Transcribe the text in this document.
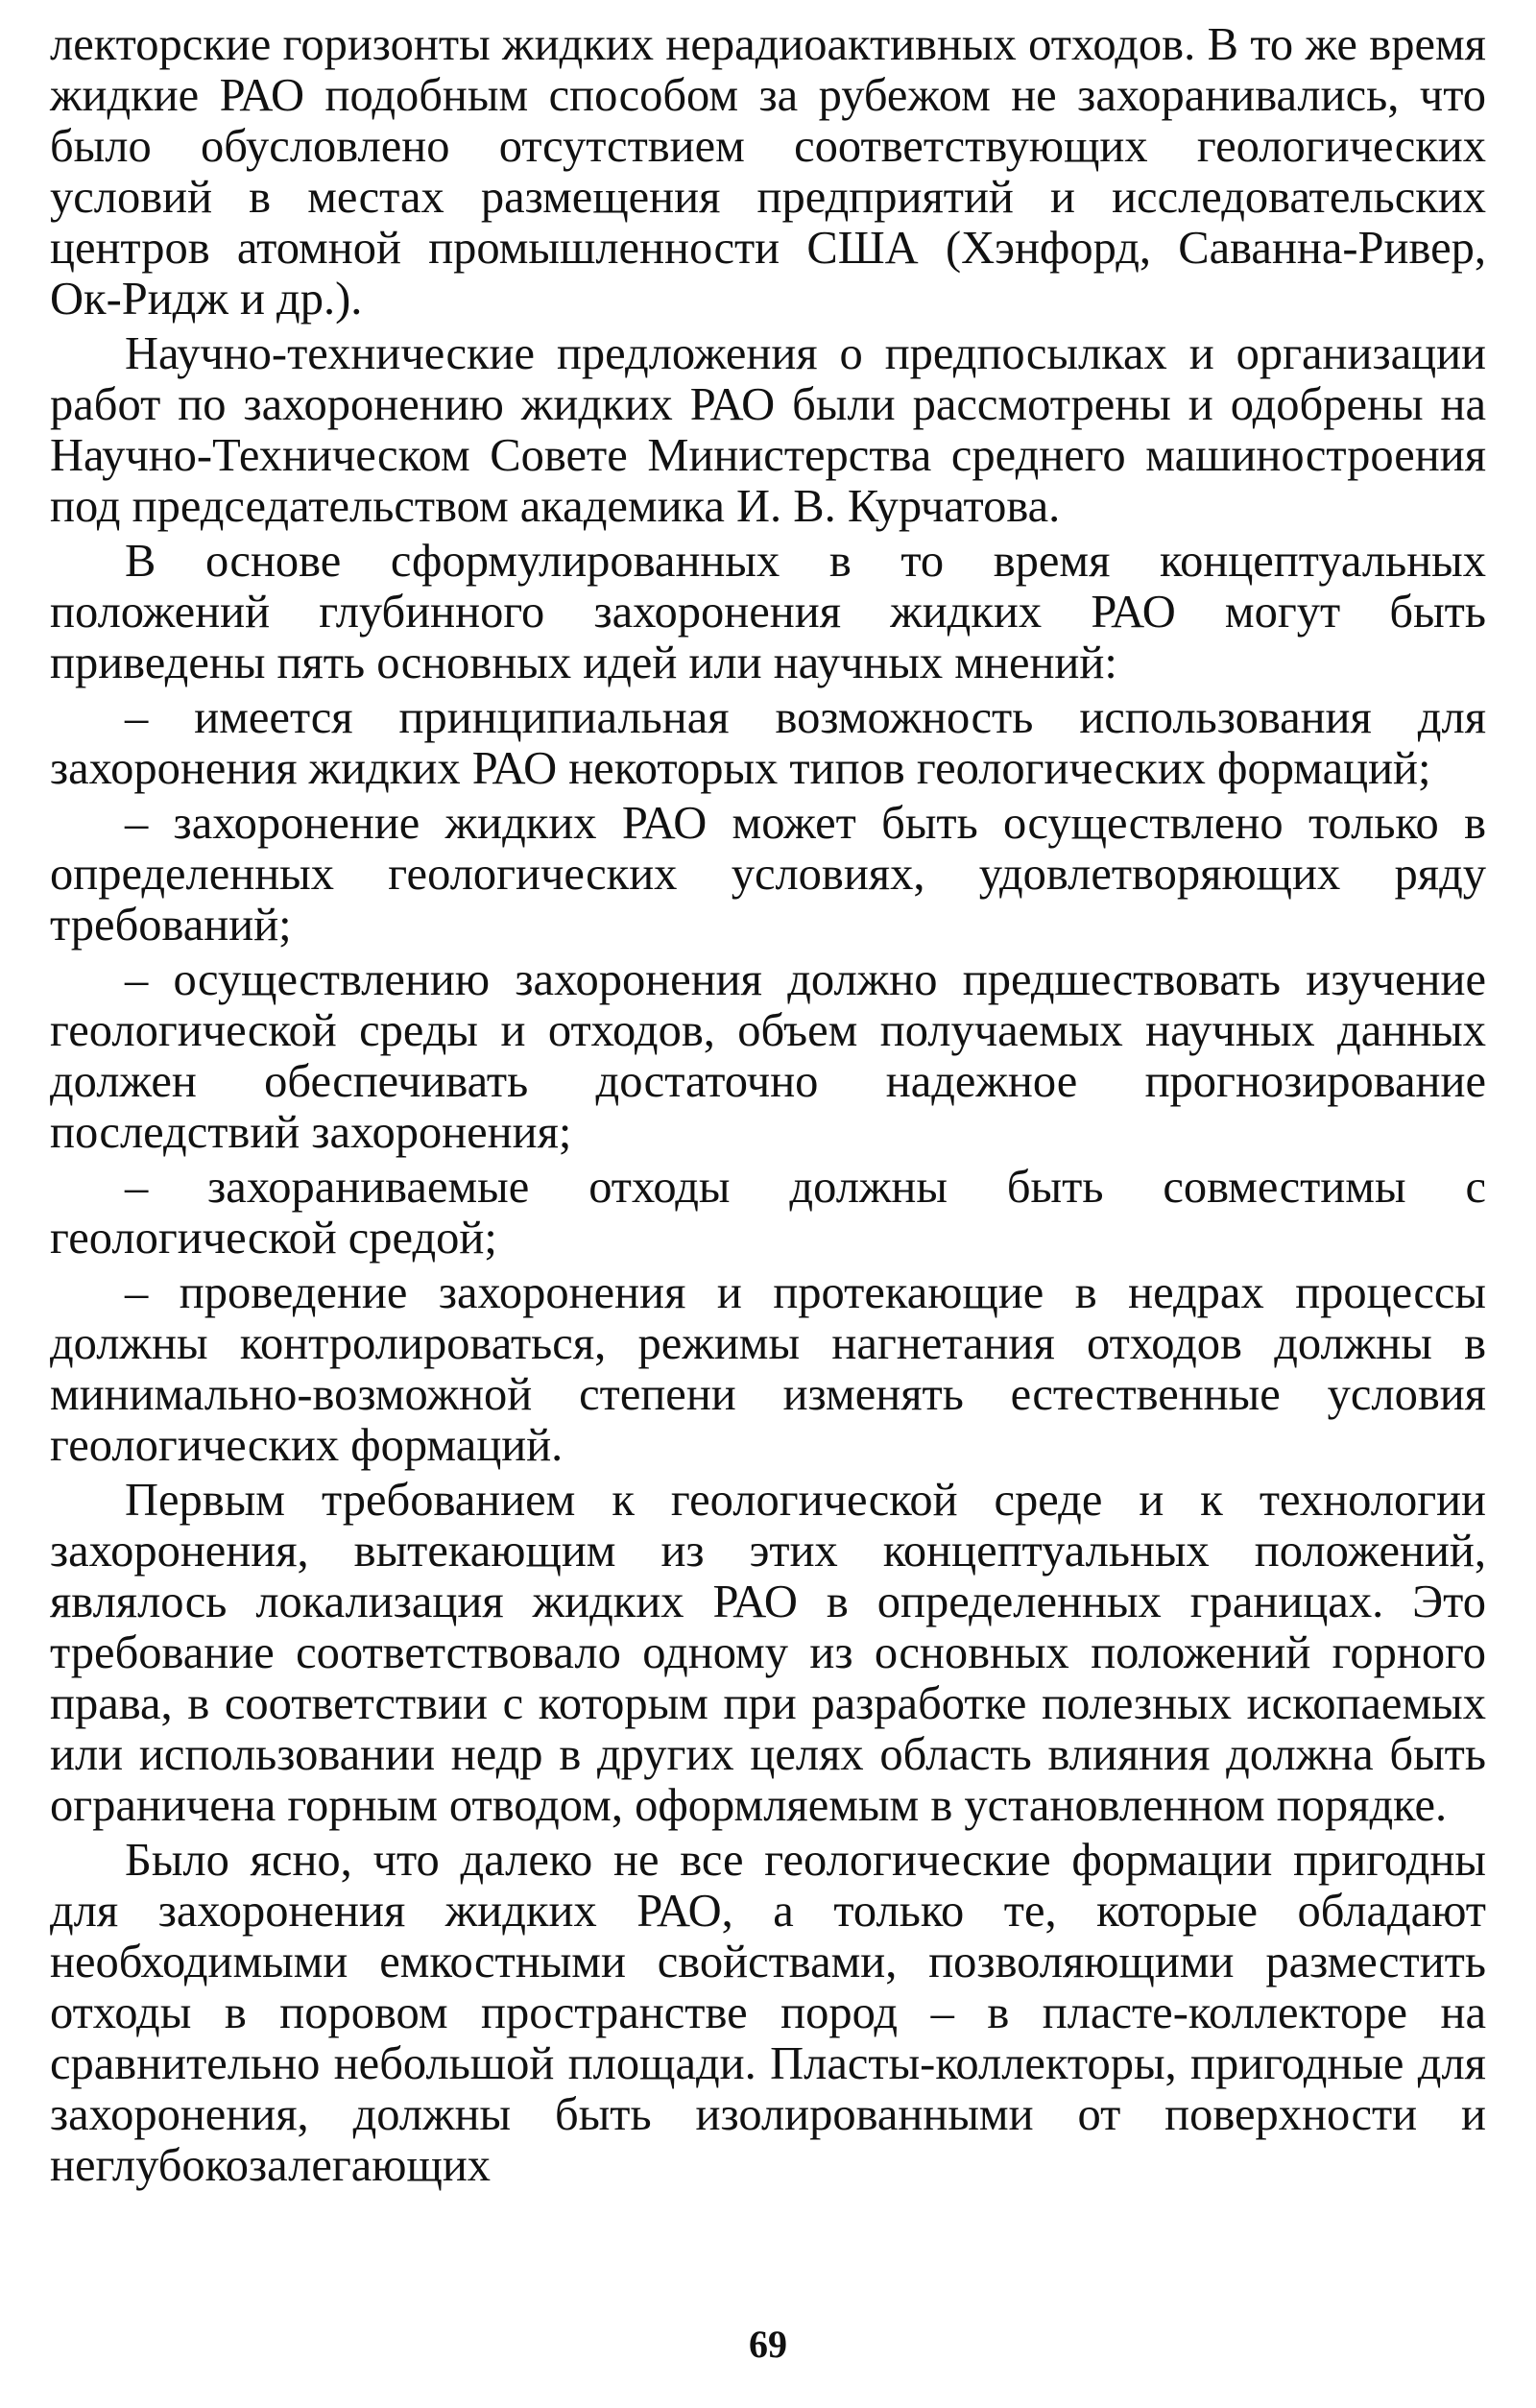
лекторские горизонты жидких нерадиоактивных отходов. В то же время жидкие РАО подобным способом за рубежом не захоранивались, что было обусловлено отсутствием соответствующих геологических условий в местах размещения предприятий и исследовательских центров атомной промышленности США (Хэнфорд, Саванна-Ривер, Ок-Ридж и др.).

Научно-технические предложения о предпосылках и организации работ по захоронению жидких РАО были рассмотрены и одобрены на Научно-Техническом Совете Министерства среднего машиностроения под председательством академика И. В. Курчатова.

В основе сформулированных в то время концептуальных положений глубинного захоронения жидких РАО могут быть приведены пять основных идей или научных мнений:

– имеется принципиальная возможность использования для захоронения жидких РАО некоторых типов геологических формаций;

– захоронение жидких РАО может быть осуществлено только в определенных геологических условиях, удовлетворяющих ряду требований;

– осуществлению захоронения должно предшествовать изучение геологической среды и отходов, объем получаемых научных данных должен обеспечивать достаточно надежное прогнозирование последствий захоронения;

– захораниваемые отходы должны быть совместимы с геологической средой;

– проведение захоронения и протекающие в недрах процессы должны контролироваться, режимы нагнетания отходов должны в минимально-возможной степени изменять естественные условия геологических формаций.

Первым требованием к геологической среде и к технологии захоронения, вытекающим из этих концептуальных положений, являлось локализация жидких РАО в определенных границах. Это требование соответствовало одному из основных положений горного права, в соответствии с которым при разработке полезных ископаемых или использовании недр в других целях область влияния должна быть ограничена горным отводом, оформляемым в установленном порядке.

Было ясно, что далеко не все геологические формации пригодны для захоронения жидких РАО, а только те, которые обладают необходимыми емкостными свойствами, позволяющими разместить отходы в поровом пространстве пород – в пласте-коллекторе на сравнительно небольшой площади. Пласты-коллекторы, пригодные для захоронения, должны быть изолированными от поверхности и неглубокозалегающих

69
